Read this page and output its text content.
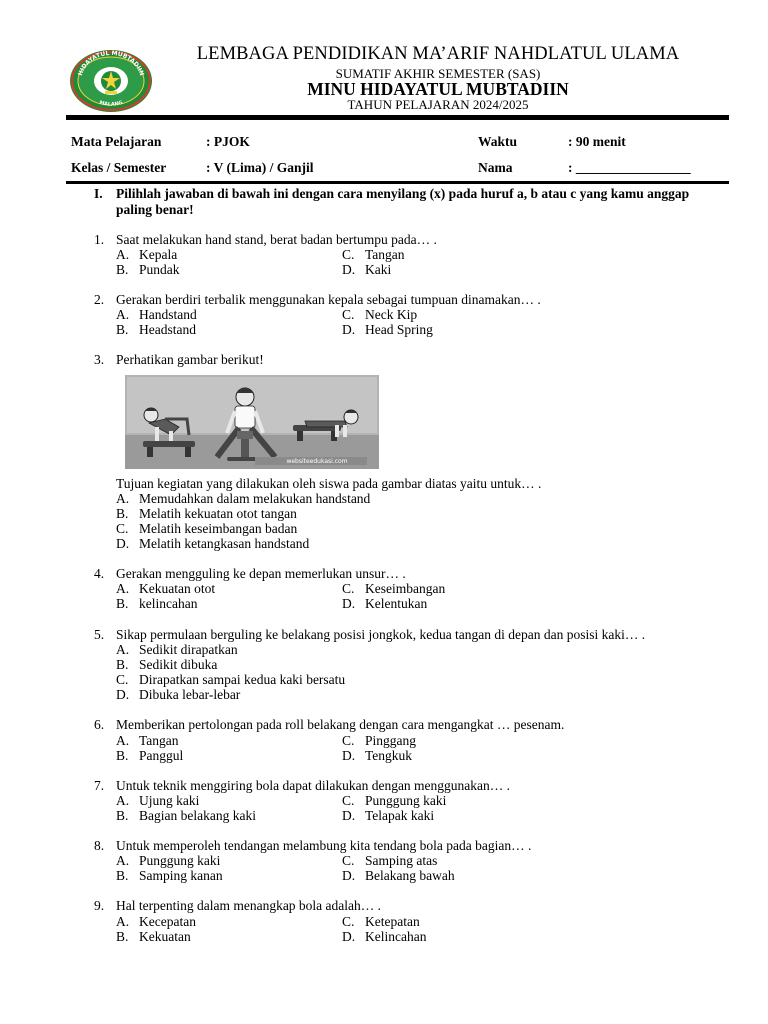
HIDAYATUL MUBTADIIN
MALANG
LEMBAGA PENDIDIKAN MA’ARIF NAHDLATUL ULAMA
SUMATIF AKHIR SEMESTER (SAS)
MINU HIDAYATUL MUBTADIIN
TAHUN PELAJARAN 2024/2025
Mata Pelajaran	: PJOK	Waktu	: 90 menit
Kelas / Semester	: V (Lima) / Ganjil	Nama	: _________________
I. Pilihlah jawaban di bawah ini dengan cara menyilang (x) pada huruf a, b atau c yang kamu anggap paling benar!
1. Saat melakukan hand stand, berat badan bertumpu pada… .
A. Kepala	C. Tangan
B. Pundak	D. Kaki
2. Gerakan berdiri terbalik menggunakan kepala sebagai tumpuan dinamakan… .
A. Handstand	C. Neck Kip
B. Headstand	D. Head Spring
3. Perhatikan gambar berikut!
websiteedukasi.com
Tujuan kegiatan yang dilakukan oleh siswa pada gambar diatas yaitu untuk… .
A. Memudahkan dalam melakukan handstand
B. Melatih kekuatan otot tangan
C. Melatih keseimbangan badan
D. Melatih ketangkasan handstand
4. Gerakan mengguling ke depan memerlukan unsur… .
A. Kekuatan otot	C. Keseimbangan
B. kelincahan	D. Kelentukan
5. Sikap permulaan berguling ke belakang posisi jongkok, kedua tangan di depan dan posisi kaki… .
A. Sedikit dirapatkan
B. Sedikit dibuka
C. Dirapatkan sampai kedua kaki bersatu
D. Dibuka lebar-lebar
6. Memberikan pertolongan pada roll belakang dengan cara mengangkat … pesenam.
A. Tangan	C. Pinggang
B. Panggul	D. Tengkuk
7. Untuk teknik menggiring bola dapat dilakukan dengan menggunakan… .
A. Ujung kaki	C. Punggung kaki
B. Bagian belakang kaki	D. Telapak kaki
8. Untuk memperoleh tendangan melambung kita tendang bola pada bagian… .
A. Punggung kaki	C. Samping atas
B. Samping kanan	D. Belakang bawah
9. Hal terpenting dalam menangkap bola adalah… .
A. Kecepatan	C. Ketepatan
B. Kekuatan	D. Kelincahan
